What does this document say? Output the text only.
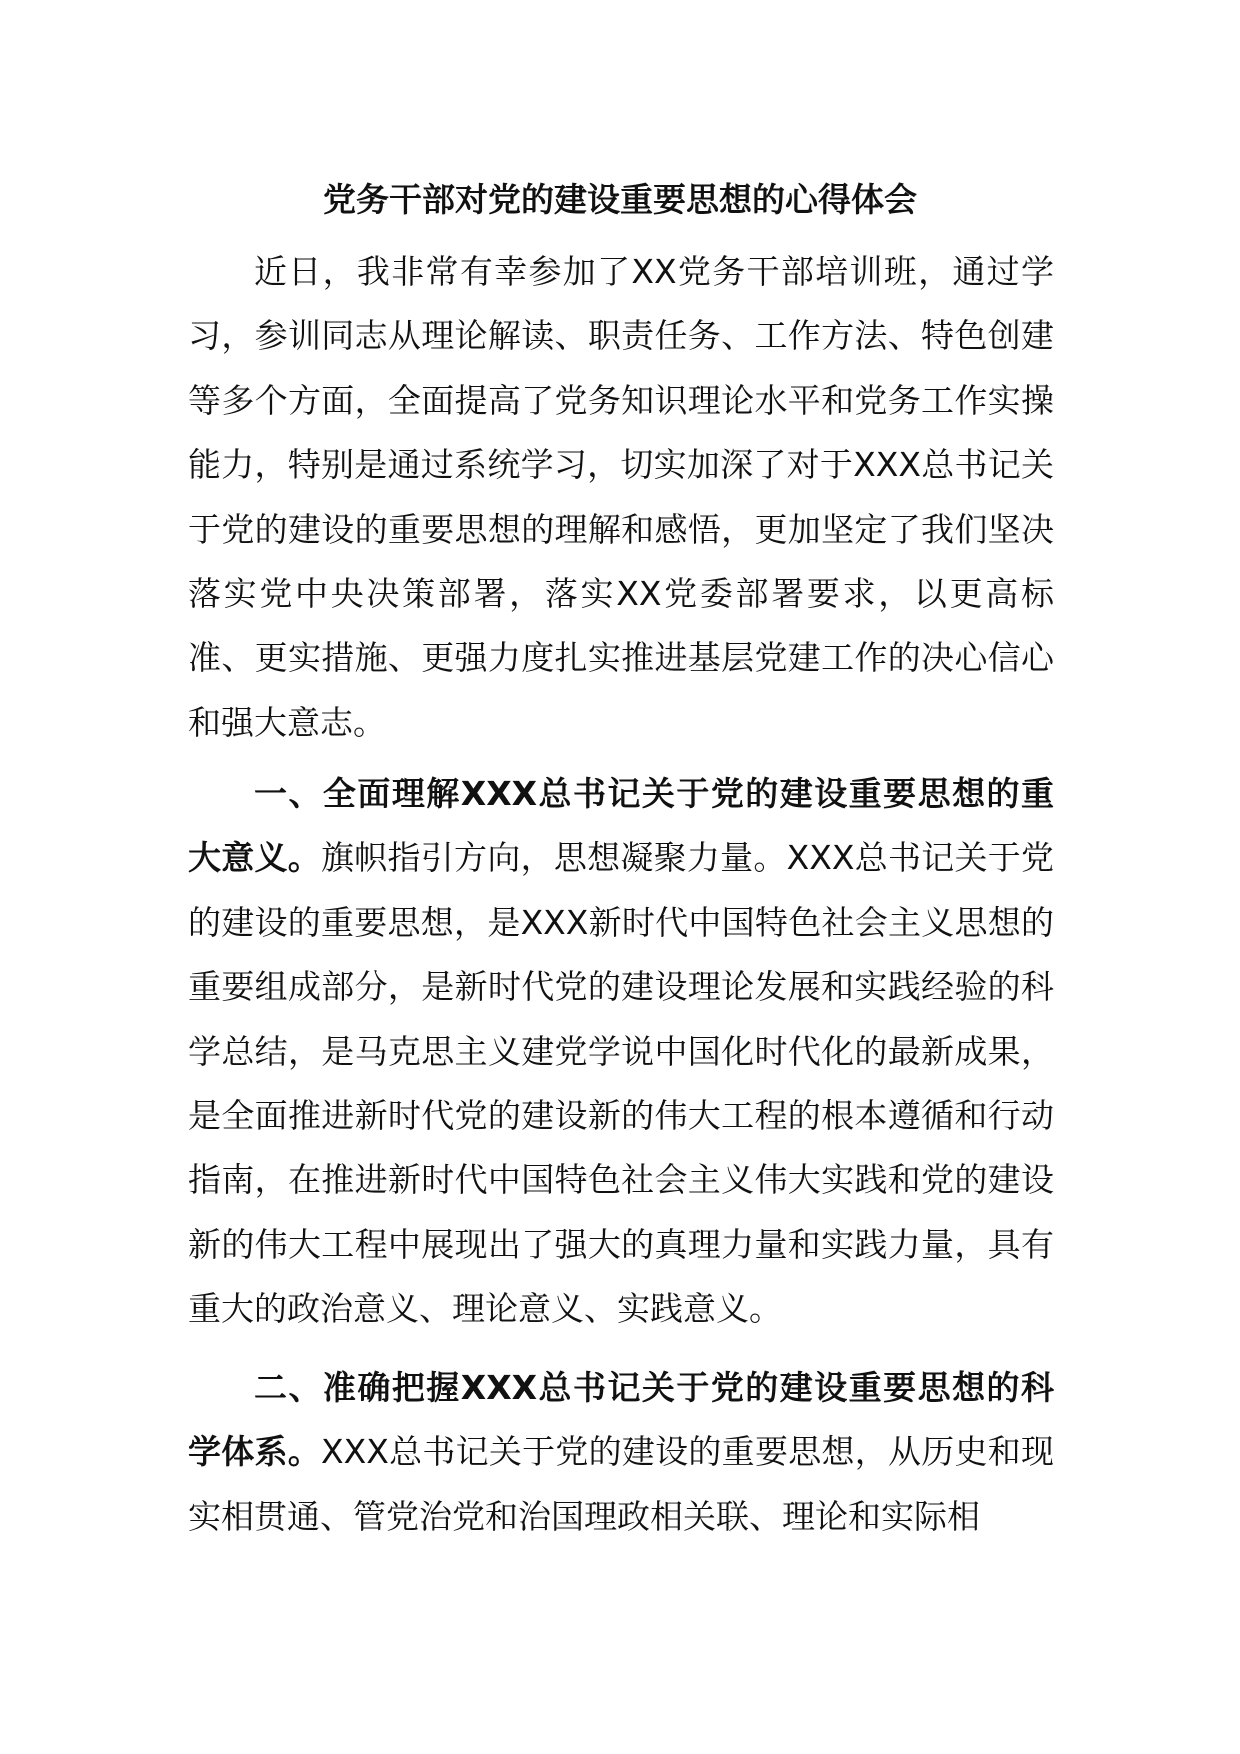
党务干部对党的建设重要思想的心得体会

近日，我非常有幸参加了XX党务干部培训班，通过学习，参训同志从理论解读、职责任务、工作方法、特色创建等多个方面，全面提高了党务知识理论水平和党务工作实操能力，特别是通过系统学习，切实加深了对于XXX总书记关于党的建设的重要思想的理解和感悟，更加坚定了我们坚决落实党中央决策部署，落实XX党委部署要求，以更高标准、更实措施、更强力度扎实推进基层党建工作的决心信心和强大意志。

一、全面理解XXX总书记关于党的建设重要思想的重大意义。旗帜指引方向，思想凝聚力量。XXX总书记关于党的建设的重要思想，是XXX新时代中国特色社会主义思想的重要组成部分，是新时代党的建设理论发展和实践经验的科学总结，是马克思主义建党学说中国化时代化的最新成果，是全面推进新时代党的建设新的伟大工程的根本遵循和行动指南，在推进新时代中国特色社会主义伟大实践和党的建设新的伟大工程中展现出了强大的真理力量和实践力量，具有重大的政治意义、理论意义、实践意义。

二、准确把握XXX总书记关于党的建设重要思想的科学体系。XXX总书记关于党的建设的重要思想，从历史和现实相贯通、管党治党和治国理政相关联、理论和实际相
